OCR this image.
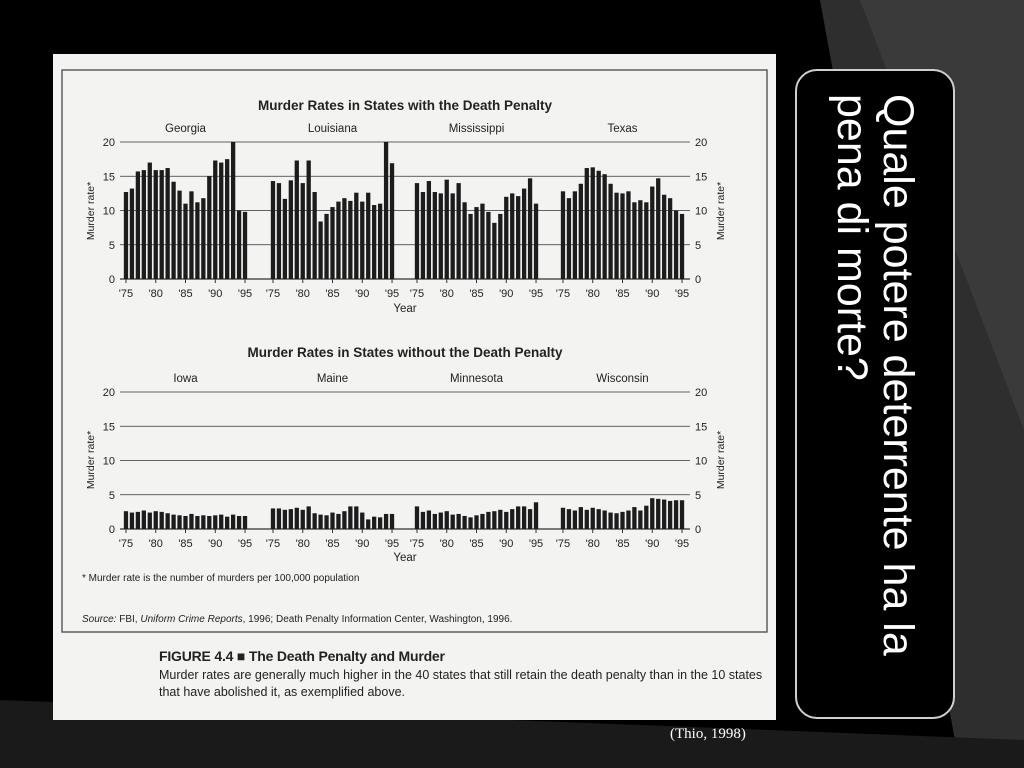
Murder Rates in States with the Death Penalty
0	0
5	5
10	10
15	15
20	20
Murder rate*	Murder rate*
Georgia
'75 '80 '85 '90 '95
Louisiana
'75 '80 '85 '90 '95
Mississippi
'75 '80 '85 '90 '95
Texas
'75 '80 '85 '90 '95
Year
Murder Rates in States without the Death Penalty
0	0
5	5
10	10
15	15
20	20
Murder rate*	Murder rate*
Iowa
'75 '80 '85 '90 '95
Maine
'75 '80 '85 '90 '95
Minnesota
'75 '80 '85 '90 '95
Wisconsin
'75 '80 '85 '90 '95
Year
* Murder rate is the number of murders per 100,000 population
Source: FBI, Uniform Crime Reports, 1996; Death Penalty Information Center, Washington, 1996.
FIGURE 4.4 ■ The Death Penalty and Murder
Murder rates are generally much higher in the 40 states that still retain the death penalty than in the 10 states that have abolished it, as exemplified above.
(Thio, 1998)
Quale potere deterrente ha la pena di morte?
